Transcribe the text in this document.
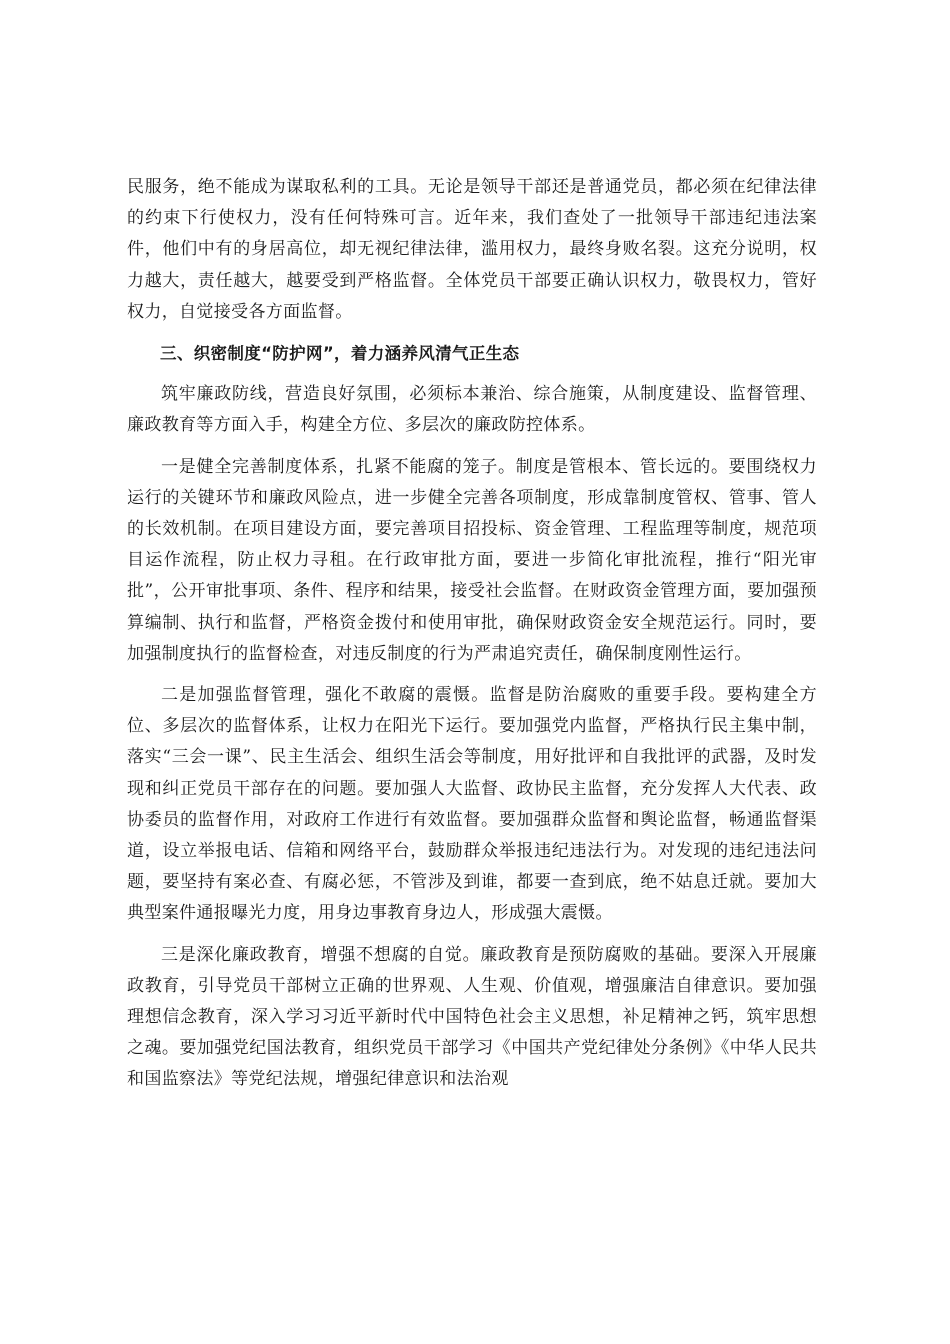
民服务，绝不能成为谋取私利的工具。无论是领导干部还是普通党员，都必须在纪律法律的约束下行使权力，没有任何特殊可言。近年来，我们查处了一批领导干部违纪违法案件，他们中有的身居高位，却无视纪律法律，滥用权力，最终身败名裂。这充分说明，权力越大，责任越大，越要受到严格监督。全体党员干部要正确认识权力，敬畏权力，管好权力，自觉接受各方面监督。

三、织密制度“防护网”，着力涵养风清气正生态

筑牢廉政防线，营造良好氛围，必须标本兼治、综合施策，从制度建设、监督管理、廉政教育等方面入手，构建全方位、多层次的廉政防控体系。

一是健全完善制度体系，扎紧不能腐的笼子。制度是管根本、管长远的。要围绕权力运行的关键环节和廉政风险点，进一步健全完善各项制度，形成靠制度管权、管事、管人的长效机制。在项目建设方面，要完善项目招投标、资金管理、工程监理等制度，规范项目运作流程，防止权力寻租。在行政审批方面，要进一步简化审批流程，推行“阳光审批”，公开审批事项、条件、程序和结果，接受社会监督。在财政资金管理方面，要加强预算编制、执行和监督，严格资金拨付和使用审批，确保财政资金安全规范运行。同时，要加强制度执行的监督检查，对违反制度的行为严肃追究责任，确保制度刚性运行。

二是加强监督管理，强化不敢腐的震慑。监督是防治腐败的重要手段。要构建全方位、多层次的监督体系，让权力在阳光下运行。要加强党内监督，严格执行民主集中制，落实“三会一课”、民主生活会、组织生活会等制度，用好批评和自我批评的武器，及时发现和纠正党员干部存在的问题。要加强人大监督、政协民主监督，充分发挥人大代表、政协委员的监督作用，对政府工作进行有效监督。要加强群众监督和舆论监督，畅通监督渠道，设立举报电话、信箱和网络平台，鼓励群众举报违纪违法行为。对发现的违纪违法问题，要坚持有案必查、有腐必惩，不管涉及到谁，都要一查到底，绝不姑息迁就。要加大典型案件通报曝光力度，用身边事教育身边人，形成强大震慑。

三是深化廉政教育，增强不想腐的自觉。廉政教育是预防腐败的基础。要深入开展廉政教育，引导党员干部树立正确的世界观、人生观、价值观，增强廉洁自律意识。要加强理想信念教育，深入学习习近平新时代中国特色社会主义思想，补足精神之钙，筑牢思想之魂。要加强党纪国法教育，组织党员干部学习《中国共产党纪律处分条例》《中华人民共和国监察法》等党纪法规，增强纪律意识和法治观
